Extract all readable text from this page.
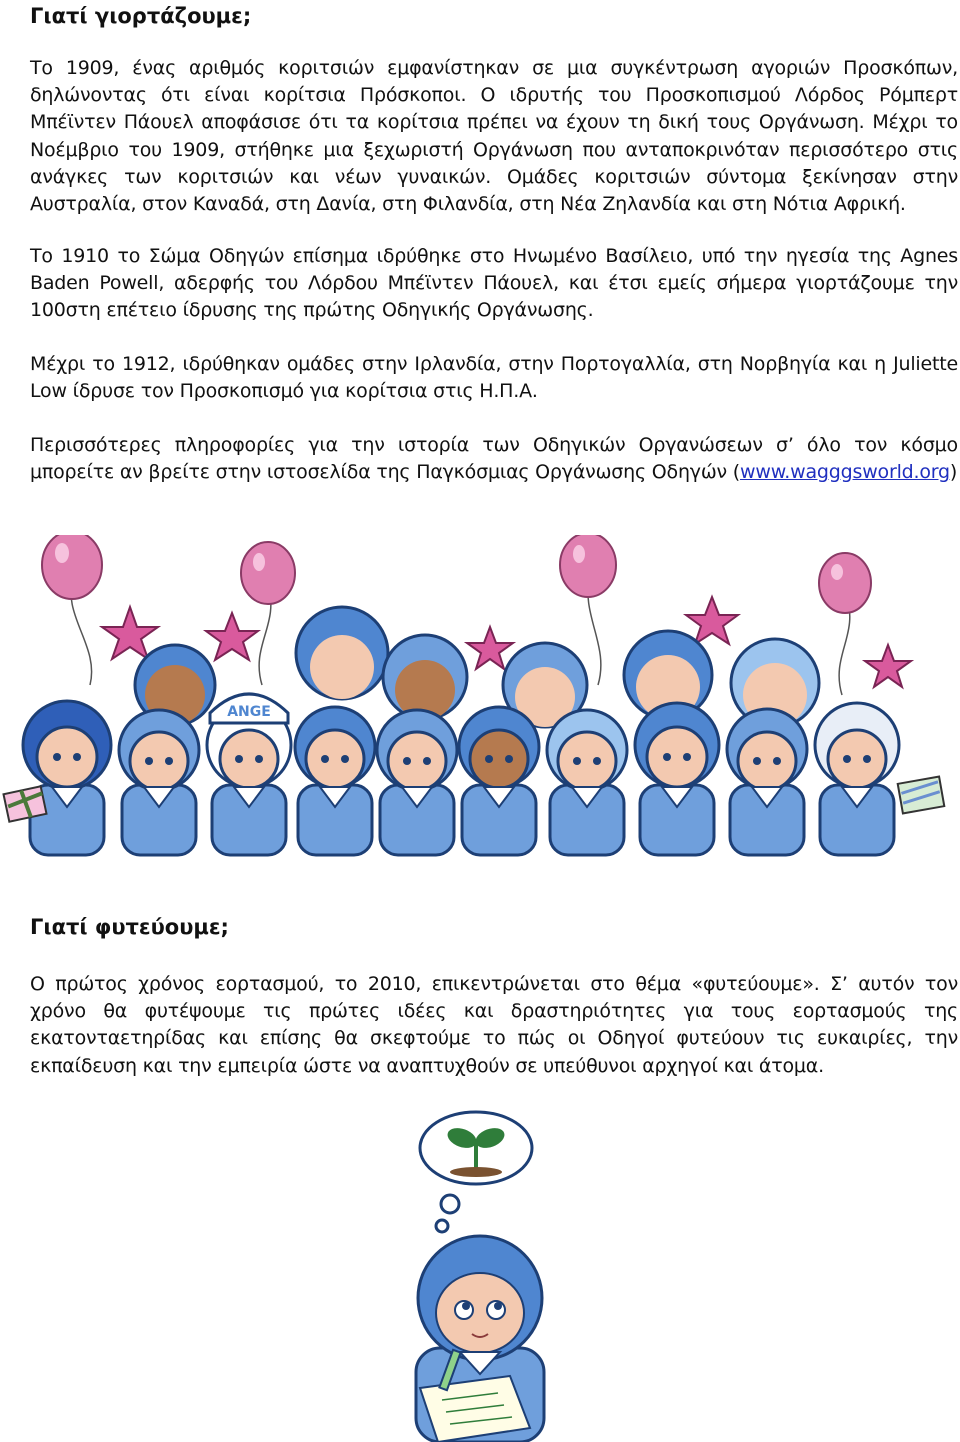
Γιατί γιορτάζουμε;

Το 1909, ένας αριθμός κοριτσιών εμφανίστηκαν σε μια συγκέντρωση αγοριών Προσκόπων, δηλώνοντας ότι είναι κορίτσια Πρόσκοποι. Ο ιδρυτής του Προσκοπισμού Λόρδος Ρόμπερτ Μπέϊντεν Πάουελ αποφάσισε ότι τα κορίτσια πρέπει να έχουν τη δική τους Οργάνωση. Μέχρι το Νοέμβριο του 1909, στήθηκε μια ξεχωριστή Οργάνωση που ανταποκρινόταν περισσότερο στις ανάγκες των κοριτσιών και νέων γυναικών. Ομάδες κοριτσιών σύντομα ξεκίνησαν στην Αυστραλία, στον Καναδά, στη Δανία, στη Φιλανδία, στη Νέα Ζηλανδία και στη Νότια Αφρική.

Το 1910 το Σώμα Οδηγών επίσημα ιδρύθηκε στο Ηνωμένο Βασίλειο, υπό την ηγεσία της Agnes Baden Powell, αδερφής του Λόρδου Μπέϊντεν Πάουελ, και έτσι εμείς σήμερα γιορτάζουμε την 100στη επέτειο ίδρυσης της πρώτης Οδηγικής Οργάνωσης.

Μέχρι το 1912, ιδρύθηκαν ομάδες στην Ιρλανδία, στην Πορτογαλλία, στη Νορβηγία και η Juliette Low ίδρυσε τον Προσκοπισμό για κορίτσια στις Η.Π.Α.

Περισσότερες πληροφορίες για την ιστορία των Οδηγικών Οργανώσεων σ’ όλο τον κόσμο μπορείτε αν βρείτε στην ιστοσελίδα της Παγκόσμιας Οργάνωσης Οδηγών (www.wagggsworld.org)

ANGE
Γιατί φυτεύουμε;

Ο πρώτος χρόνος εορτασμού, το 2010, επικεντρώνεται στο θέμα «φυτεύουμε». Σ’ αυτόν τον χρόνο θα φυτέψουμε τις πρώτες ιδέες και δραστηριότητες για τους εορτασμούς της εκατονταετηρίδας και επίσης θα σκεφτούμε το πώς οι Οδηγοί φυτεύουν τις ευκαιρίες, την εκπαίδευση και την εμπειρία ώστε να αναπτυχθούν σε υπεύθυνοι αρχηγοί και άτομα.
